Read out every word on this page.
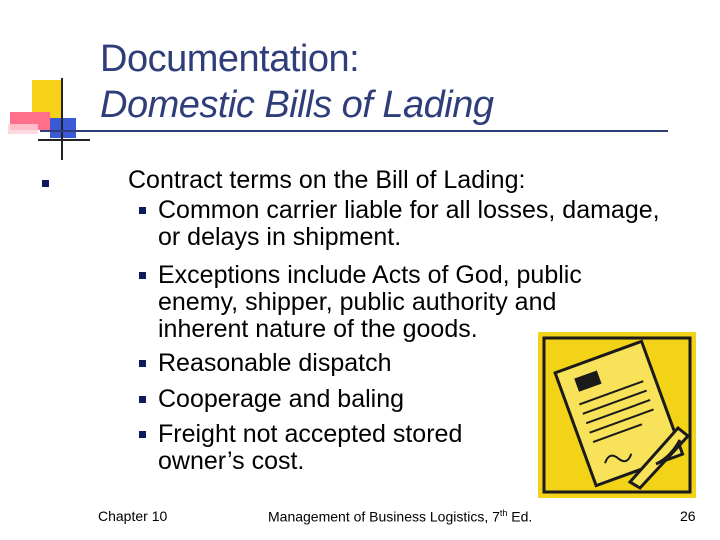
Documentation:
Domestic Bills of Lading
Contract terms on the Bill of Lading:
Common carrier liable for all losses, damage, or delays in shipment.
Exceptions include Acts of God, public enemy, shipper, public authority and inherent nature of the goods.
Reasonable dispatch
Cooperage and baling
Freight not accepted stored owner’s cost.
Chapter 10	Management of Business Logistics, 7th Ed.	26
